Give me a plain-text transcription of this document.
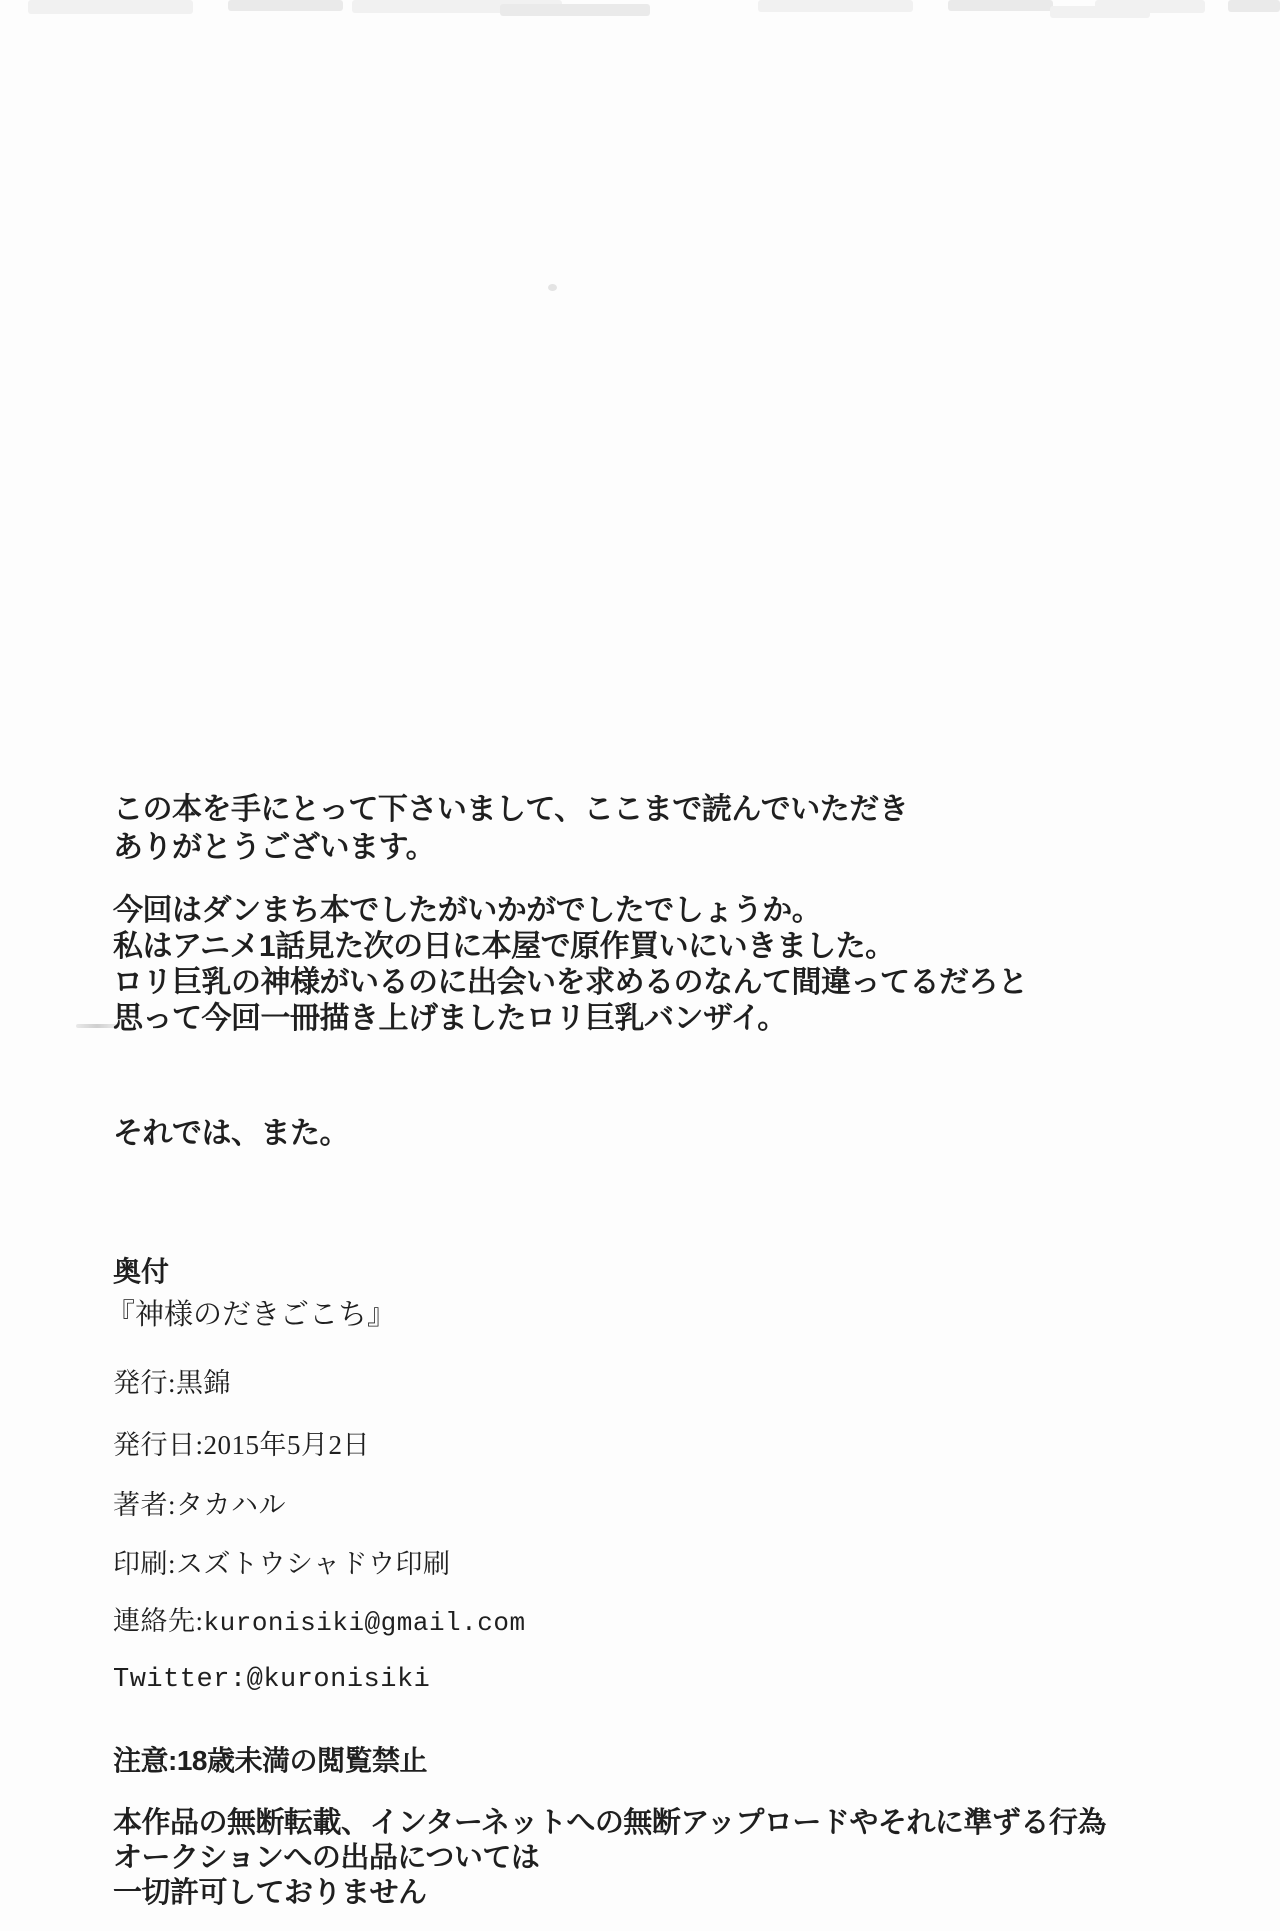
この本を手にとって下さいまして、ここまで読んでいただき
ありがとうございます。
今回はダンまち本でしたがいかがでしたでしょうか。
私はアニメ1話見た次の日に本屋で原作買いにいきました。
ロリ巨乳の神様がいるのに出会いを求めるのなんて間違ってるだろと
思って今回一冊描き上げましたロリ巨乳バンザイ。
それでは、また。
奥付
『神様のだきごこち』
発行:黒錦
発行日:2015年5月2日
著者:タカハル
印刷:スズトウシャドウ印刷
連絡先:kuronisiki@gmail.com
Twitter:@kuronisiki
注意:18歳未満の閲覧禁止
本作品の無断転載、インターネットへの無断アップロードやそれに準ずる行為
オークションへの出品については
一切許可しておりません
